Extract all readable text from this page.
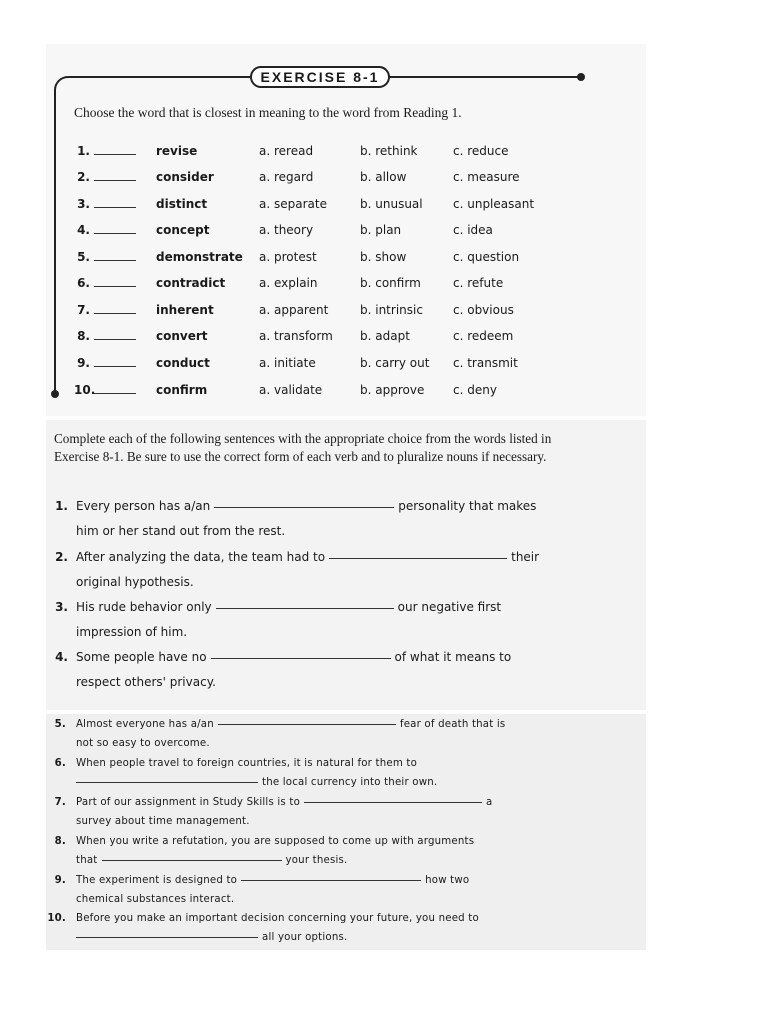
EXERCISE 8-1
Choose the word that is closest in meaning to the word from Reading 1.
1.	revise	a. reread	b. rethink	c. reduce
2.	consider	a. regard	b. allow	c. measure
3.	distinct	a. separate	b. unusual	c. unpleasant
4.	concept	a. theory	b. plan	c. idea
5.	demonstrate a. protest	b. show	c. question
6.	contradict	a. explain	b. confirm	c. refute
7.	inherent	a. apparent	b. intrinsic	c. obvious
8.	convert	a. transform b. adapt	c. redeem
9.	conduct	a. initiate	b. carry out c. transmit
10.	confirm	a. validate	b. approve c. deny
Complete each of the following sentences with the appropriate choice from the words listed in Exercise 8-1. Be sure to use the correct form of each verb and to pluralize nouns if necessary.
1. Every person has a/an	personality that makes
him or her stand out from the rest.
2. After analyzing the data, the team had to	their
original hypothesis.
3. His rude behavior only	our negative first
impression of him.
4. Some people have no	of what it means to
respect others' privacy.
5. Almost everyone has a/an	fear of death that is
not so easy to overcome.
6. When people travel to foreign countries, it is natural for them to
the local currency into their own.
7. Part of our assignment in Study Skills is to	a
survey about time management.
8. When you write a refutation, you are supposed to come up with arguments
that	your thesis.
9. The experiment is designed to	how two
chemical substances interact.
10. Before you make an important decision concerning your future, you need to
all your options.
